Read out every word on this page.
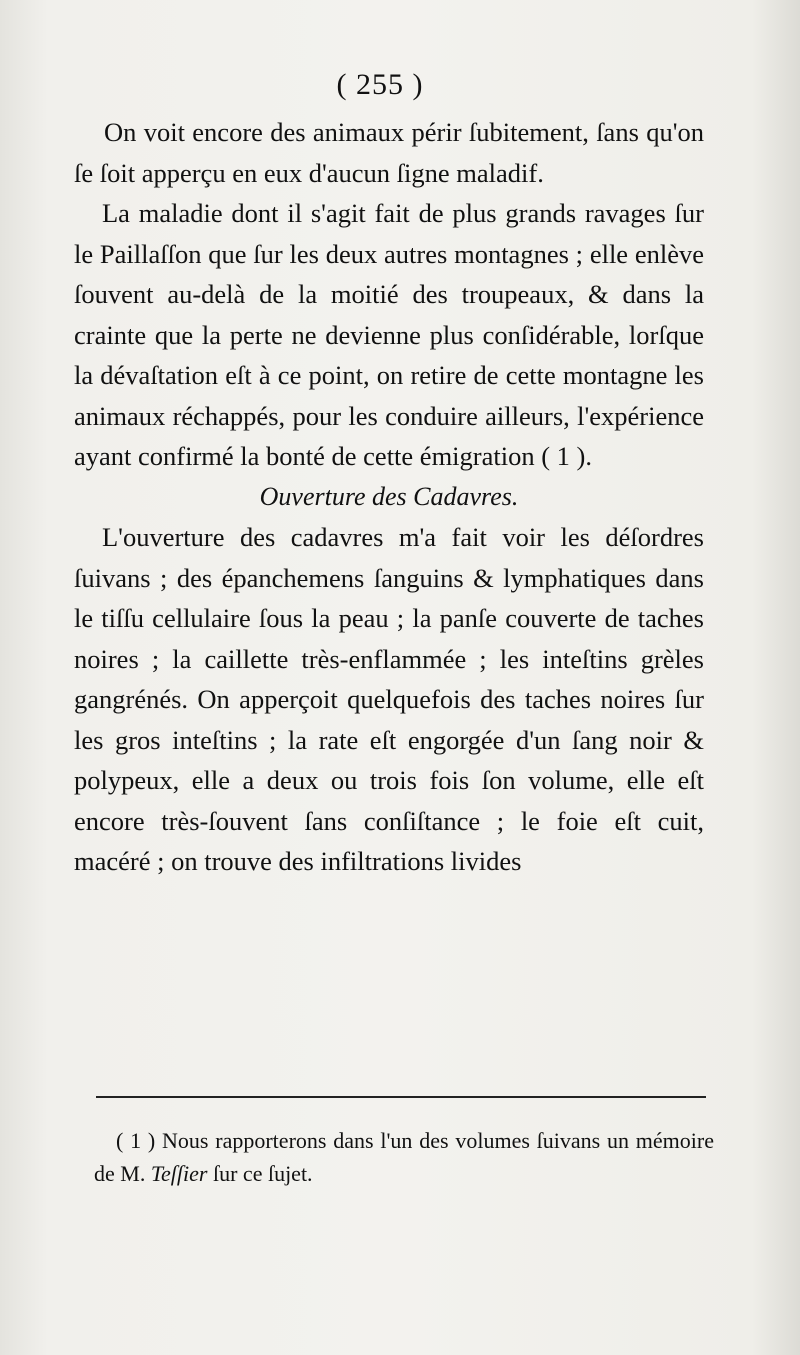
( 255 )

On voit encore des animaux périr ſubitement, ſans qu'on ſe ſoit apperçu en eux d'aucun ſigne maladif.

La maladie dont il s'agit fait de plus grands ravages ſur le Paillaſſon que ſur les deux autres montagnes ; elle enlève ſouvent au-delà de la moitié des troupeaux, & dans la crainte que la perte ne devienne plus conſidérable, lorſque la dévaſtation eſt à ce point, on retire de cette montagne les animaux réchappés, pour les conduire ailleurs, l'expérience ayant confirmé la bonté de cette émigration ( 1 ).

Ouverture des Cadavres.

L'ouverture des cadavres m'a fait voir les déſordres ſuivans ; des épanchemens ſanguins & lymphatiques dans le tiſſu cellulaire ſous la peau ; la panſe couverte de taches noires ; la caillette très-enflammée ; les inteſtins grèles gangrénés. On apperçoit quelquefois des taches noires ſur les gros inteſtins ; la rate eſt engorgée d'un ſang noir & polypeux, elle a deux ou trois fois ſon volume, elle eſt encore très-ſouvent ſans conſiſtance ; le foie eſt cuit, macéré ; on trouve des infiltrations livides

( 1 ) Nous rapporterons dans l'un des volumes ſuivans un mémoire de M. Teſſier ſur ce ſujet.
